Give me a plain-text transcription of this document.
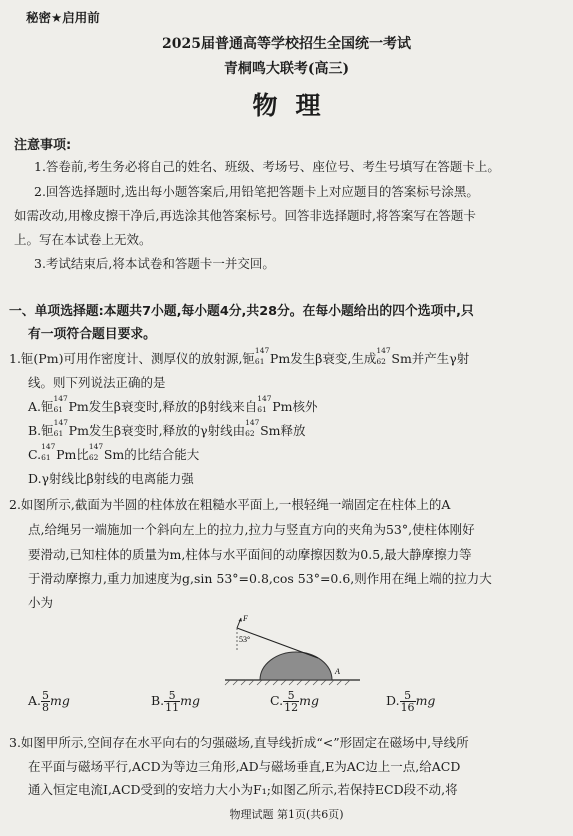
秘密★启用前
2025届普通高等学校招生全国统一考试
青桐鸣大联考(高三)
物理
注意事项:
1.答卷前,考生务必将自己的姓名、班级、考场号、座位号、考生号填写在答题卡上。
2.回答选择题时,选出每小题答案后,用铅笔把答题卡上对应题目的答案标号涂黑。
如需改动,用橡皮擦干净后,再选涂其他答案标号。回答非选择题时,将答案写在答题卡
上。写在本试卷上无效。
3.考试结束后,将本试卷和答题卡一并交回。
一、单项选择题:本题共7小题,每小题4分,共28分。在每小题给出的四个选项中,只
有一项符合题目要求。
1.钷(Pm)可用作密度计、测厚仪的放射源,钷
147
61 Pm发生β衰变,生成
147
62 Sm并产生γ射
线。则下列说法正确的是
A.钷
147
61 Pm发生β衰变时,释放的β射线来自
147
61 Pm核外
B.钷
147
61 Pm发生β衰变时,释放的γ射线由
147
62 Sm释放
C.
147
61 Pm比
147
62 Sm的比结合能大
D.γ射线比β射线的电离能力强
2.如图所示,截面为半圆的柱体放在粗糙水平面上,一根轻绳一端固定在柱体上的A
点,给绳另一端施加一个斜向左上的拉力,拉力与竖直方向的夹角为53°,使柱体刚好
要滑动,已知柱体的质量为m,柱体与水平面间的动摩擦因数为0.5,最大静摩擦力等
于滑动摩擦力,重力加速度为g,sin 53°=0.8,cos 53°=0.6,则作用在绳上端的拉力大
小为
F
53°
A
A. $\frac{5}{8}$ mg	B. $\frac{5}{11}$ mg	C. $\frac{5}{12}$ mg	D. $\frac{5}{16}$ mg
3.如图甲所示,空间存在水平向右的匀强磁场,直导线折成“<”形固定在磁场中,导线所
在平面与磁场平行,ACD为等边三角形,AD与磁场垂直,E为AC边上一点,给ACD
通入恒定电流I,ACD受到的安培力大小为F₁;如图乙所示,若保持ECD段不动,将
物理试题 第1页(共6页)
